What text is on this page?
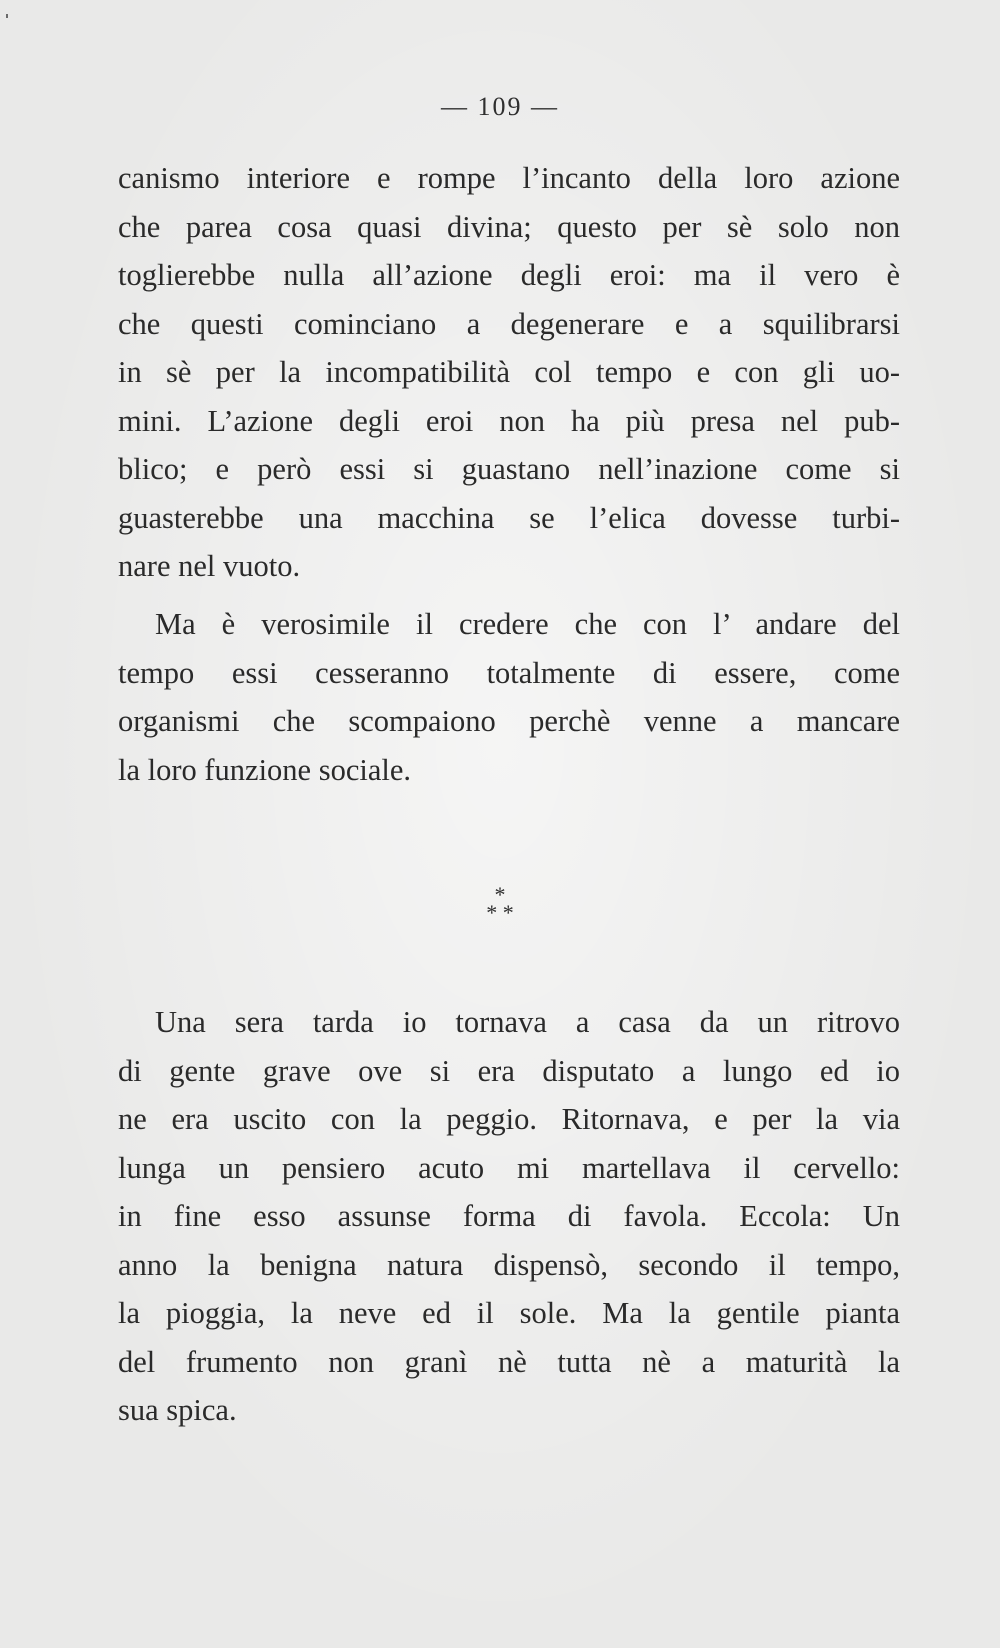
— 109 —
canismo interiore e rompe l’incanto della loro azione
che parea cosa quasi divina; questo per sè solo non
toglierebbe nulla all’azione degli eroi: ma il vero è
che questi cominciano a degenerare e a squilibrarsi
in sè per la incompatibilità col tempo e con gli uo-
mini. L’azione degli eroi non ha più presa nel pub-
blico; e però essi si guastano nell’inazione come si
guasterebbe una macchina se l’elica dovesse turbi-
nare nel vuoto.
Ma è verosimile il credere che con l’ andare del
tempo essi cesseranno totalmente di essere, come
organismi che scompaiono perchè venne a mancare
la loro funzione sociale.
*
* *
Una sera tarda io tornava a casa da un ritrovo
di gente grave ove si era disputato a lungo ed io
ne era uscito con la peggio. Ritornava, e per la via
lunga un pensiero acuto mi martellava il cervello:
in fine esso assunse forma di favola. Eccola: Un
anno la benigna natura dispensò, secondo il tempo,
la pioggia, la neve ed il sole. Ma la gentile pianta
del frumento non granì nè tutta nè a maturità la
sua spica.
